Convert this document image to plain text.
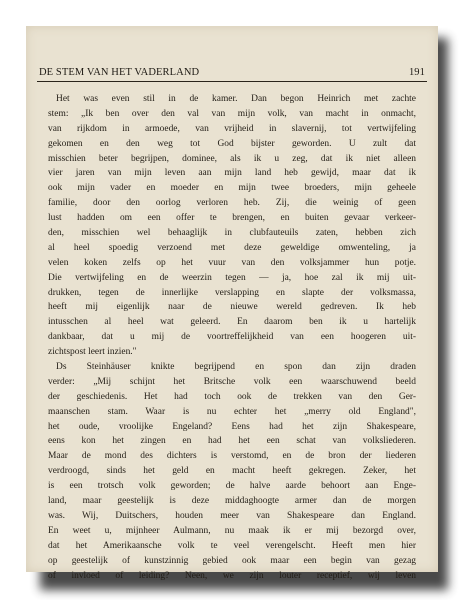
DE STEM VAN HET VADERLAND	191
Het was even stil in de kamer. Dan begon Heinrich met zachte
stem: „Ik ben over den val van mijn volk, van macht in onmacht,
van rijkdom in armoede, van vrijheid in slavernij, tot vertwijfeling
gekomen en den weg tot God bijster geworden. U zult dat
misschien beter begrijpen, dominee, als ik u zeg, dat ik niet alleen
vier jaren van mijn leven aan mijn land heb gewijd, maar dat ik
ook mijn vader en moeder en mijn twee broeders, mijn geheele
familie, door den oorlog verloren heb. Zij, die weinig of geen
lust hadden om een offer te brengen, en buiten gevaar verkeer-
den, misschien wel behaaglijk in clubfauteuils zaten, hebben zich
al heel spoedig verzoend met deze geweldige omwenteling, ja
velen koken zelfs op het vuur van den volksjammer hun potje.
Die vertwijfeling en de weerzin tegen — ja, hoe zal ik mij uit-
drukken, tegen de innerlijke verslapping en slapte der volksmassa,
heeft mij eigenlijk naar de nieuwe wereld gedreven. Ik heb
intusschen al heel wat geleerd. En daarom ben ik u hartelijk
dankbaar, dat u mij de voortreffelijkheid van een hoogeren uit-
zichtspost leert inzien."
Ds Steinhäuser knikte begrijpend en spon dan zijn draden
verder: „Mij schijnt het Britsche volk een waarschuwend beeld
der geschiedenis. Het had toch ook de trekken van den Ger-
maanschen stam. Waar is nu echter het „merry old England",
het oude, vroolijke Engeland? Eens had het zijn Shakespeare,
eens kon het zingen en had het een schat van volksliederen.
Maar de mond des dichters is verstomd, en de bron der liederen
verdroogd, sinds het geld en macht heeft gekregen. Zeker, het
is een trotsch volk geworden; de halve aarde behoort aan Enge-
land, maar geestelijk is deze middaghoogte armer dan de morgen
was. Wij, Duitschers, houden meer van Shakespeare dan England.
En weet u, mijnheer Aulmann, nu maak ik er mij bezorgd over,
dat het Amerikaansche volk te veel verengelscht. Heeft men hier
op geestelijk of kunstzinnig gebied ook maar een begin van gezag
of invloed of leiding? Neen, we zijn louter receptief, wij leven
